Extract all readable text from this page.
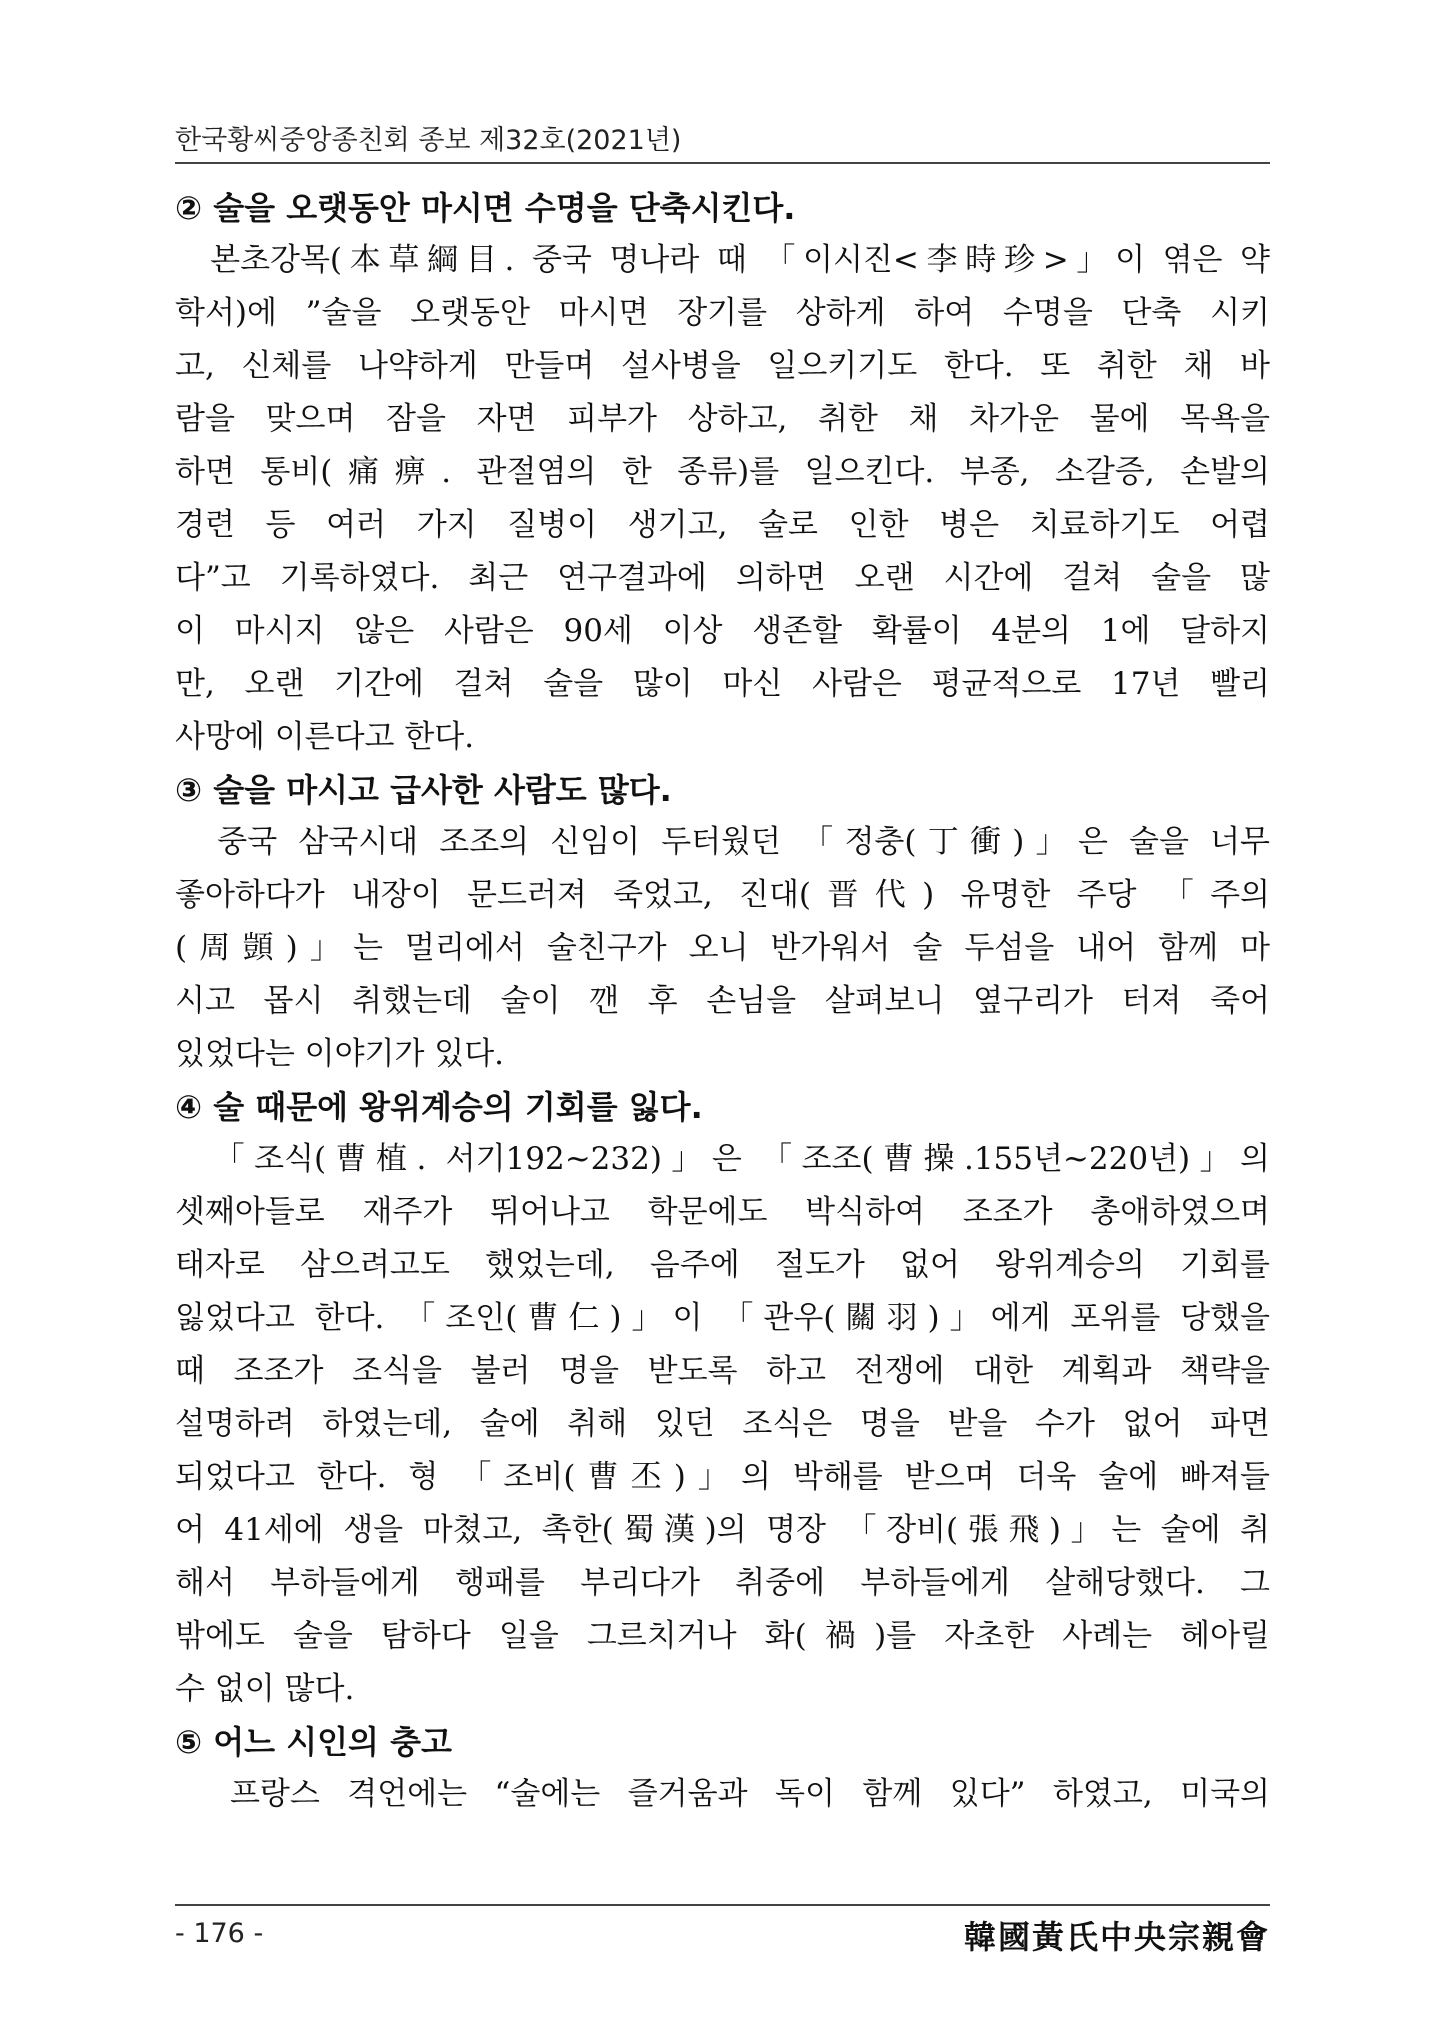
한국황씨중앙종친회 종보 제32호(2021년)
② 술을 오랫동안 마시면 수명을 단축시킨다.
본초강목(本草綱目. 중국 명나라 때 「이시진<李時珍>」이 엮은 약
학서)에 ”술을 오랫동안 마시면 장기를 상하게 하여 수명을 단축 시키
고, 신체를 나약하게 만들며 설사병을 일으키기도 한다. 또 취한 채 바
람을 맞으며 잠을 자면 피부가 상하고, 취한 채 차가운 물에 목욕을
하면 통비(痛痹. 관절염의 한 종류)를 일으킨다. 부종, 소갈증, 손발의
경련 등 여러 가지 질병이 생기고, 술로 인한 병은 치료하기도 어렵
다”고 기록하였다. 최근 연구결과에 의하면 오랜 시간에 걸쳐 술을 많
이 마시지 않은 사람은 90세 이상 생존할 확률이 4분의 1에 달하지
만, 오랜 기간에 걸쳐 술을 많이 마신 사람은 평균적으로 17년 빨리
사망에 이른다고 한다.
③ 술을 마시고 급사한 사람도 많다.
중국 삼국시대 조조의 신임이 두터웠던 「정충(丁衝)」은 술을 너무
좋아하다가 내장이 문드러져 죽었고, 진대(晋代) 유명한 주당 「주의
(周顗)」는 멀리에서 술친구가 오니 반가워서 술 두섬을 내어 함께 마
시고 몹시 취했는데 술이 깬 후 손님을 살펴보니 옆구리가 터져 죽어
있었다는 이야기가 있다.
④ 술 때문에 왕위계승의 기회를 잃다.
「조식(曹植. 서기192~232)」은 「조조(曹操.155년~220년)」의
셋째아들로 재주가 뛰어나고 학문에도 박식하여 조조가 총애하였으며
태자로 삼으려고도 했었는데, 음주에 절도가 없어 왕위계승의 기회를
잃었다고 한다. 「조인(曹仁)」이 「관우(關羽)」에게 포위를 당했을
때 조조가 조식을 불러 명을 받도록 하고 전쟁에 대한 계획과 책략을
설명하려 하였는데, 술에 취해 있던 조식은 명을 받을 수가 없어 파면
되었다고 한다. 형 「조비(曹丕)」의 박해를 받으며 더욱 술에 빠져들
어 41세에 생을 마쳤고, 촉한(蜀漢)의 명장 「장비(張飛)」는 술에 취
해서 부하들에게 행패를 부리다가 취중에 부하들에게 살해당했다. 그
밖에도 술을 탐하다 일을 그르치거나 화(禍)를 자초한 사례는 헤아릴
수 없이 많다.
⑤ 어느 시인의 충고
프랑스 격언에는 “술에는 즐거움과 독이 함께 있다” 하였고, 미국의
- 176 -	韓國黃氏中央宗親會
